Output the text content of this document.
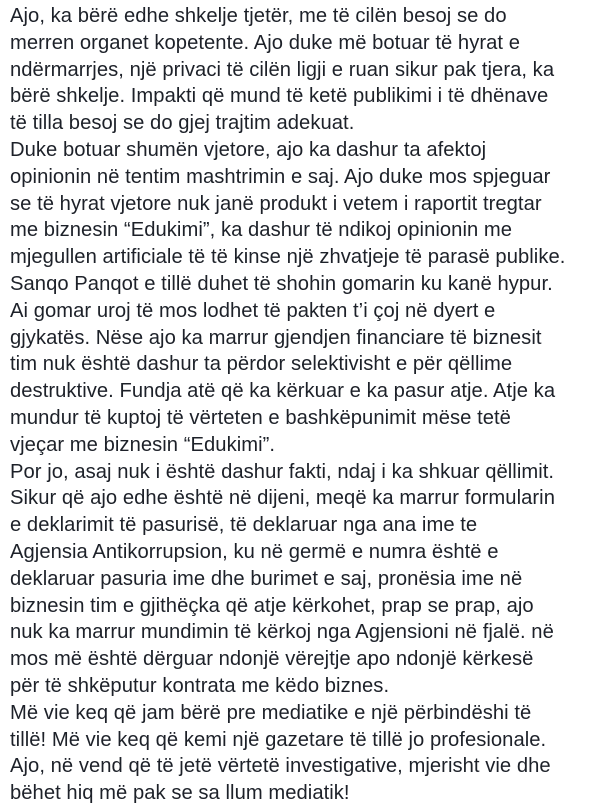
Ajo, ka bërë edhe shkelje tjetër, me të cilën besoj se do
merren organet kopetente. Ajo duke më botuar të hyrat e
ndërmarrjes, një privaci të cilën ligji e ruan sikur pak tjera, ka
bërë shkelje. Impakti që mund të ketë publikimi i të dhënave
të tilla besoj se do gjej trajtim adekuat.
Duke botuar shumën vjetore, ajo ka dashur ta afektoj
opinionin në tentim mashtrimin e saj. Ajo duke mos spjeguar
se të hyrat vjetore nuk janë produkt i vetem i raportit tregtar
me biznesin “Edukimi”, ka dashur të ndikoj opinionin me
mjegullen artificiale të të kinse një zhvatjeje të parasë publike.
Sanqo Panqot e tillë duhet të shohin gomarin ku kanë hypur.
Ai gomar uroj të mos lodhet të pakten t’i çoj në dyert e
gjykatës. Nëse ajo ka marrur gjendjen financiare të biznesit
tim nuk është dashur ta përdor selektivisht e për qëllime
destruktive. Fundja atë që ka kërkuar e ka pasur atje. Atje ka
mundur të kuptoj të vërteten e bashkëpunimit mëse tetë
vjeçar me biznesin “Edukimi”.
Por jo, asaj nuk i është dashur fakti, ndaj i ka shkuar qëllimit.
Sikur që ajo edhe është në dijeni, meqë ka marrur formularin
e deklarimit të pasurisë, të deklaruar nga ana ime te
Agjensia Antikorrupsion, ku në germë e numra është e
deklaruar pasuria ime dhe burimet e saj, pronësia ime në
biznesin tim e gjithëçka që atje kërkohet, prap se prap, ajo
nuk ka marrur mundimin të kërkoj nga Agjensioni në fjalë. në
mos më është dërguar ndonjë vërejtje apo ndonjë kërkesë
për të shkëputur kontrata me këdo biznes.
Më vie keq që jam bërë pre mediatike e një përbindëshi të
tillë! Më vie keq që kemi një gazetare të tillë jo profesionale.
Ajo, në vend që të jetë vërtetë investigative, mjerisht vie dhe
bëhet hiq më pak se sa llum mediatik!
